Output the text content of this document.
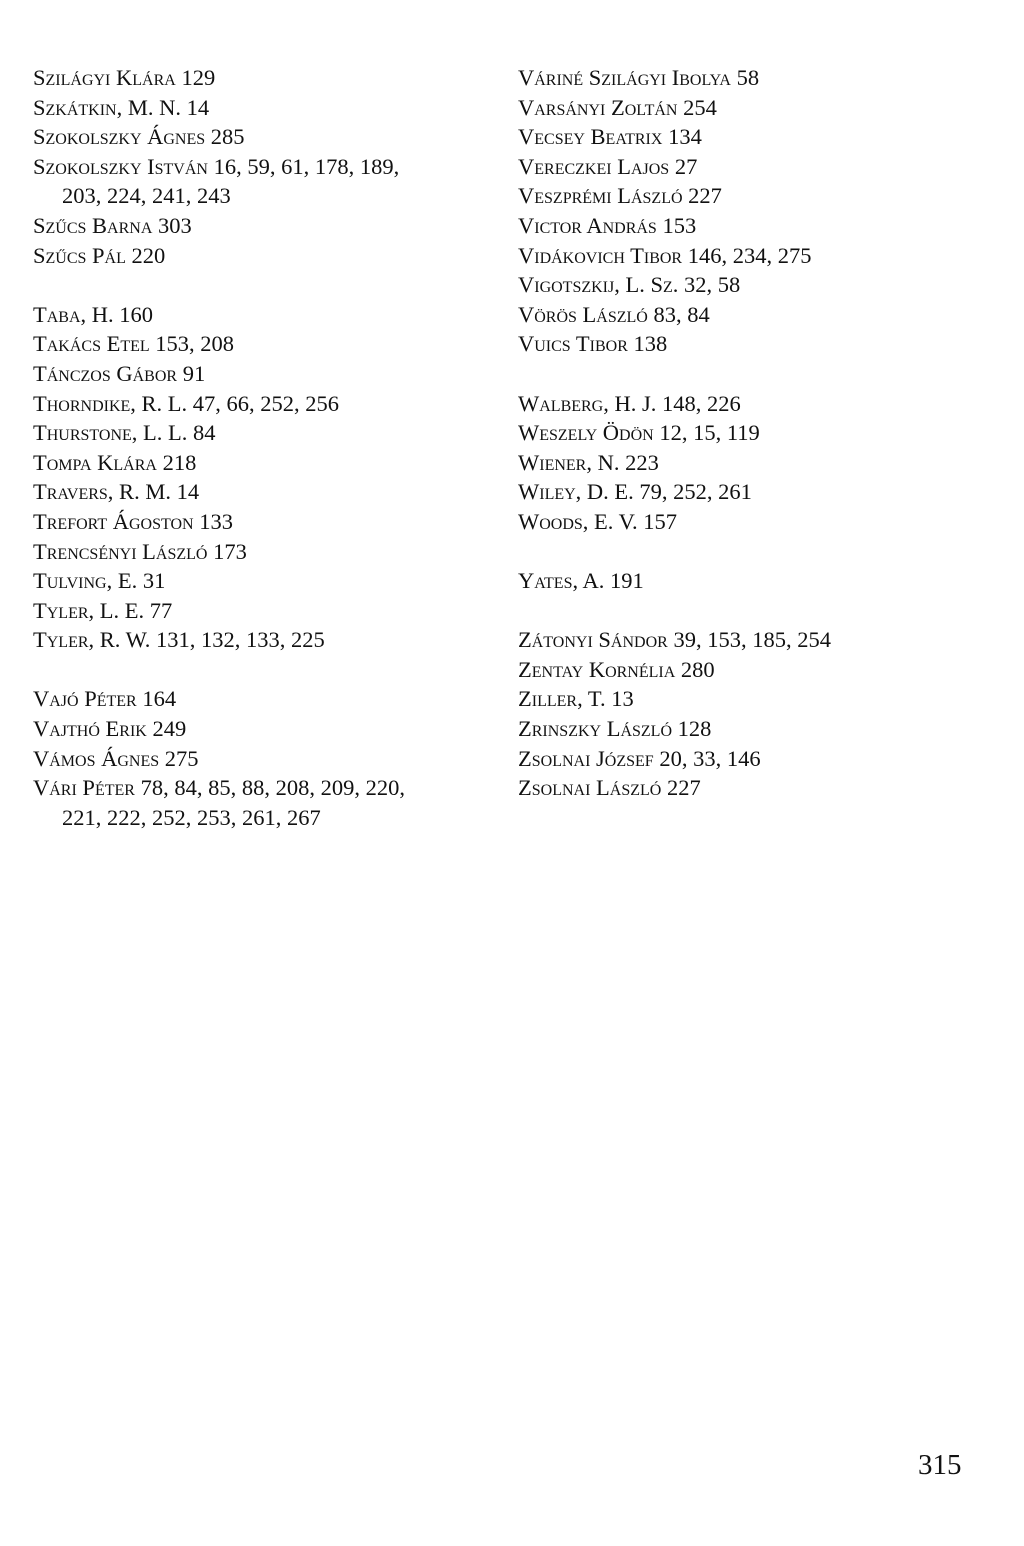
Szilágyi Klára 129
Szkátkin, M. N. 14
Szokolszky Ágnes 285
Szokolszky István 16, 59, 61, 178, 189,
203, 224, 241, 243
Szűcs Barna 303
Szűcs Pál 220
Taba, H. 160
Takács Etel 153, 208
Tánczos Gábor 91
Thorndike, R. L. 47, 66, 252, 256
Thurstone, L. L. 84
Tompa Klára 218
Travers, R. M. 14
Trefort Ágoston 133
Trencsényi László 173
Tulving, E. 31
Tyler, L. E. 77
Tyler, R. W. 131, 132, 133, 225
Vajó Péter 164
Vajthó Erik 249
Vámos Ágnes 275
Vári Péter 78, 84, 85, 88, 208, 209, 220,
221, 222, 252, 253, 261, 267
Váriné Szilágyi Ibolya 58
Varsányi Zoltán 254
Vecsey Beatrix 134
Vereczkei Lajos 27
Veszprémi László 227
Victor András 153
Vidákovich Tibor 146, 234, 275
Vigotszkij, L. Sz. 32, 58
Vörös László 83, 84
Vuics Tibor 138
Walberg, H. J. 148, 226
Weszely Ödön 12, 15, 119
Wiener, N. 223
Wiley, D. E. 79, 252, 261
Woods, E. V. 157
Yates, A. 191
Zátonyi Sándor 39, 153, 185, 254
Zentay Kornélia 280
Ziller, T. 13
Zrinszky László 128
Zsolnai József 20, 33, 146
Zsolnai László 227
315
